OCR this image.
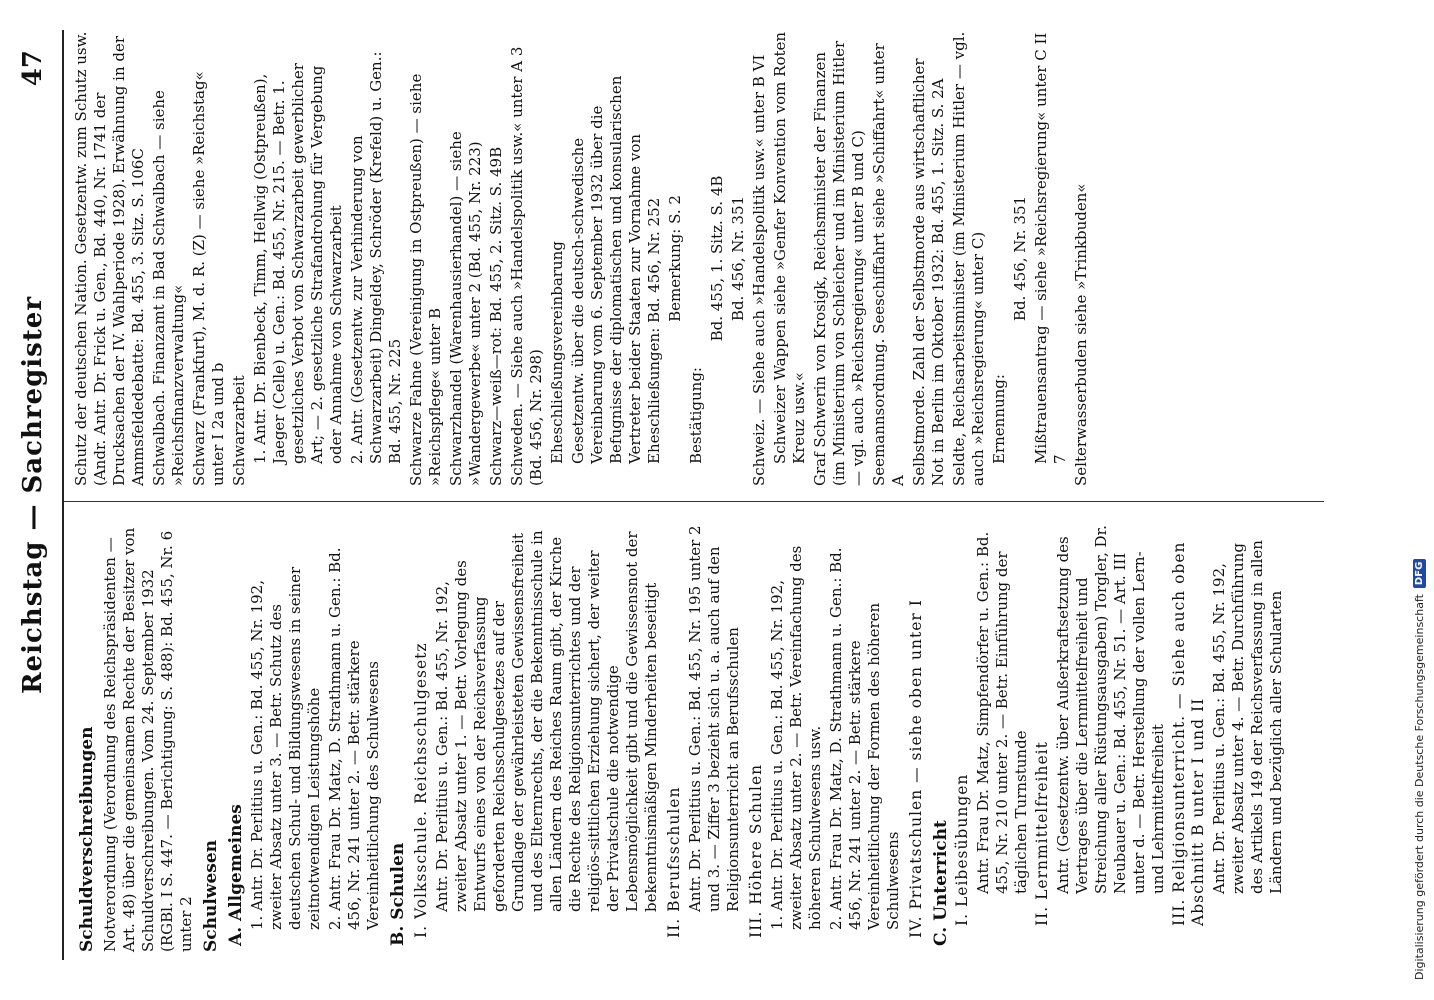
Reichstag — Sachregister
47
Schuldverschreibungen Notverordnung (Verordnung des Reichspräsidenten — Art. 48) über die gemeinsamen Rechte der Besitzer von Schuldverschreibungen. Vom 24. September 1932 (RGBl. I S. 447. — Berichtigung: S. 488): Bd. 455, Nr. 6 unter 2 Schulwesen A. Allgemeines 1. Antr. Dr. Perlitius u. Gen.: Bd. 455, Nr. 192, zweiter Absatz unter 3. — Betr. Schutz des deutschen Schul- und Bildungswesens in seiner zeitnotwendigen Leistungshöhe 2. Antr. Frau Dr. Matz, D. Strathmann u. Gen.: Bd. 456, Nr. 241 unter 2. — Betr. stärkere Vereinheitlichung des Schulwesens B. Schulen I. Volksschule. Reichsschulgesetz Antr. Dr. Perlitius u. Gen.: Bd. 455, Nr. 192, zweiter Absatz unter 1. — Betr. Vorlegung des Entwurfs eines von der Reichsverfassung geforderten Reichsschulgesetzes auf der Grundlage der gewährleisteten Gewissensfreiheit und des Elternrechts, der die Bekenntnisschule in allen Ländern des Reiches Raum gibt, der Kirche die Rechte des Religionsunterrichtes und der religiös-sittlichen Erziehung sichert, der weiter der Privatschule die notwendige Lebensmöglichkeit gibt und die Gewissensnot der bekenntnismäßigen Minderheiten beseitigt II. Berufsschulen Antr. Dr. Perlitius u. Gen.: Bd. 455, Nr. 195 unter 2 und 3. — Ziffer 3 bezieht sich u. a. auch auf den Religionsunterricht an Berufsschulen III. Höhere Schulen 1. Antr. Dr. Perlitius u. Gen.: Bd. 455, Nr. 192, zweiter Absatz unter 2. — Betr. Vereinfachung des höheren Schulwesens usw. 2. Antr. Frau Dr. Matz, D. Strathmann u. Gen.: Bd. 456, Nr. 241 unter 2. — Betr. stärkere Vereinheitlichung der Formen des höheren Schulwesens IV. Privatschulen — siehe oben unter I C. Unterricht I. Leibesübungen Antr. Frau Dr. Matz, Simpfendörfer u. Gen.: Bd. 455, Nr. 210 unter 2. — Betr. Einführung der täglichen Turnstunde II. Lernmittelfreiheit Antr. (Gesetzentw. über Außerkraftsetzung des Vertrages über die Lernmittelfreiheit und Streichung aller Rüstungsausgaben) Torgler, Dr. Neubauer u. Gen.: Bd. 455, Nr. 51. — Art. III unter d. — Betr. Herstellung der vollen Lern- und Lehrmittelfreiheit III. Religionsunterricht. — Siehe auch oben Abschnitt B unter I und II Antr. Dr. Perlitius u. Gen.: Bd. 455, Nr. 192, zweiter Absatz unter 4. — Betr. Durchführung des Artikels 149 der Reichsverfassung in allen Ländern und bezüglich aller Schularten
Schutz der deutschen Nation. Gesetzentw. zum Schutz usw. (Andr. Antr. Dr. Frick u. Gen., Bd. 440, Nr. 1741 der Drucksachen der IV. Wahlperiode 1928). Erwähnung in der Ammsfeldedebatte: Bd. 455, 3. Sitz. S. 106C Schwalbach. Finanzamt in Bad Schwalbach — siehe »Reichsfinanzverwaltung« Schwarz (Frankfurt), M. d. R. (Z) — siehe »Reichstag« unter I 2a und b Schwarzarbeit 1. Antr. Dr. Bienbeck, Timm, Hellwig (Ostpreußen), Jaeger (Celle) u. Gen.: Bd. 455, Nr. 215. — Betr. 1. gesetzliches Verbot von Schwarzarbeit gewerblicher Art; — 2. gesetzliche Strafandrohung für Vergebung oder Annahme von Schwarzarbeit 2. Antr. (Gesetzentw. zur Verhinderung von Schwarzarbeit) Dingeldey, Schröder (Krefeld) u. Gen.: Bd. 455, Nr. 225 Schwarze Fahne (Vereinigung in Ostpreußen) — siehe »Reichspflege« unter B Schwarzhandel (Warenhausierhandel) — siehe »Wandergewerbe« unter 2 (Bd. 455, Nr. 223) Schwarz—weiß—rot: Bd. 455, 2. Sitz. S. 49B Schweden. — Siehe auch »Handelspolitik usw.« unter A 3 (Bd. 456, Nr. 298) Eheschließungsvereinbarung Gesetzentw. über die deutsch-schwedische Vereinbarung vom 6. September 1932 über die Befugnisse der diplomatischen und konsularischen Vertreter beider Staaten zur Vornahme von Eheschließungen: Bd. 456, Nr. 252 Bemerkung: S. 2
Bestätigung:
Bd. 455, 1. Sitz. S. 4B Bd. 456, Nr. 351 Schweiz. — Siehe auch »Handelspolitik usw.« unter B VI Schweizer Wappen siehe »Genfer Konvention vom Roten Kreuz usw.« Graf Schwerin von Krosigk, Reichsminister der Finanzen (im Ministerium von Schleicher und im Ministerium Hitler — vgl. auch »Reichsregierung« unter B und C) Seemannsordnung. Seeschiffahrt siehe »Schiffahrt« unter A Selbstmorde. Zahl der Selbstmorde aus wirtschaftlicher Not in Berlin im Oktober 1932: Bd. 455, 1. Sitz. S. 2A Seldte, Reichsarbeitsminister (im Ministerium Hitler — vgl. auch »Reichsregierung« unter C) Ernennung:
Bd. 456, Nr. 351 Mißtrauensantrag — siehe »Reichsregierung« unter C II 7 Selterwasserbuden siehe »Trinkbuden«
Digitalisierung gefördert durch die Deutsche Forschungsgemeinschaft
DFG
